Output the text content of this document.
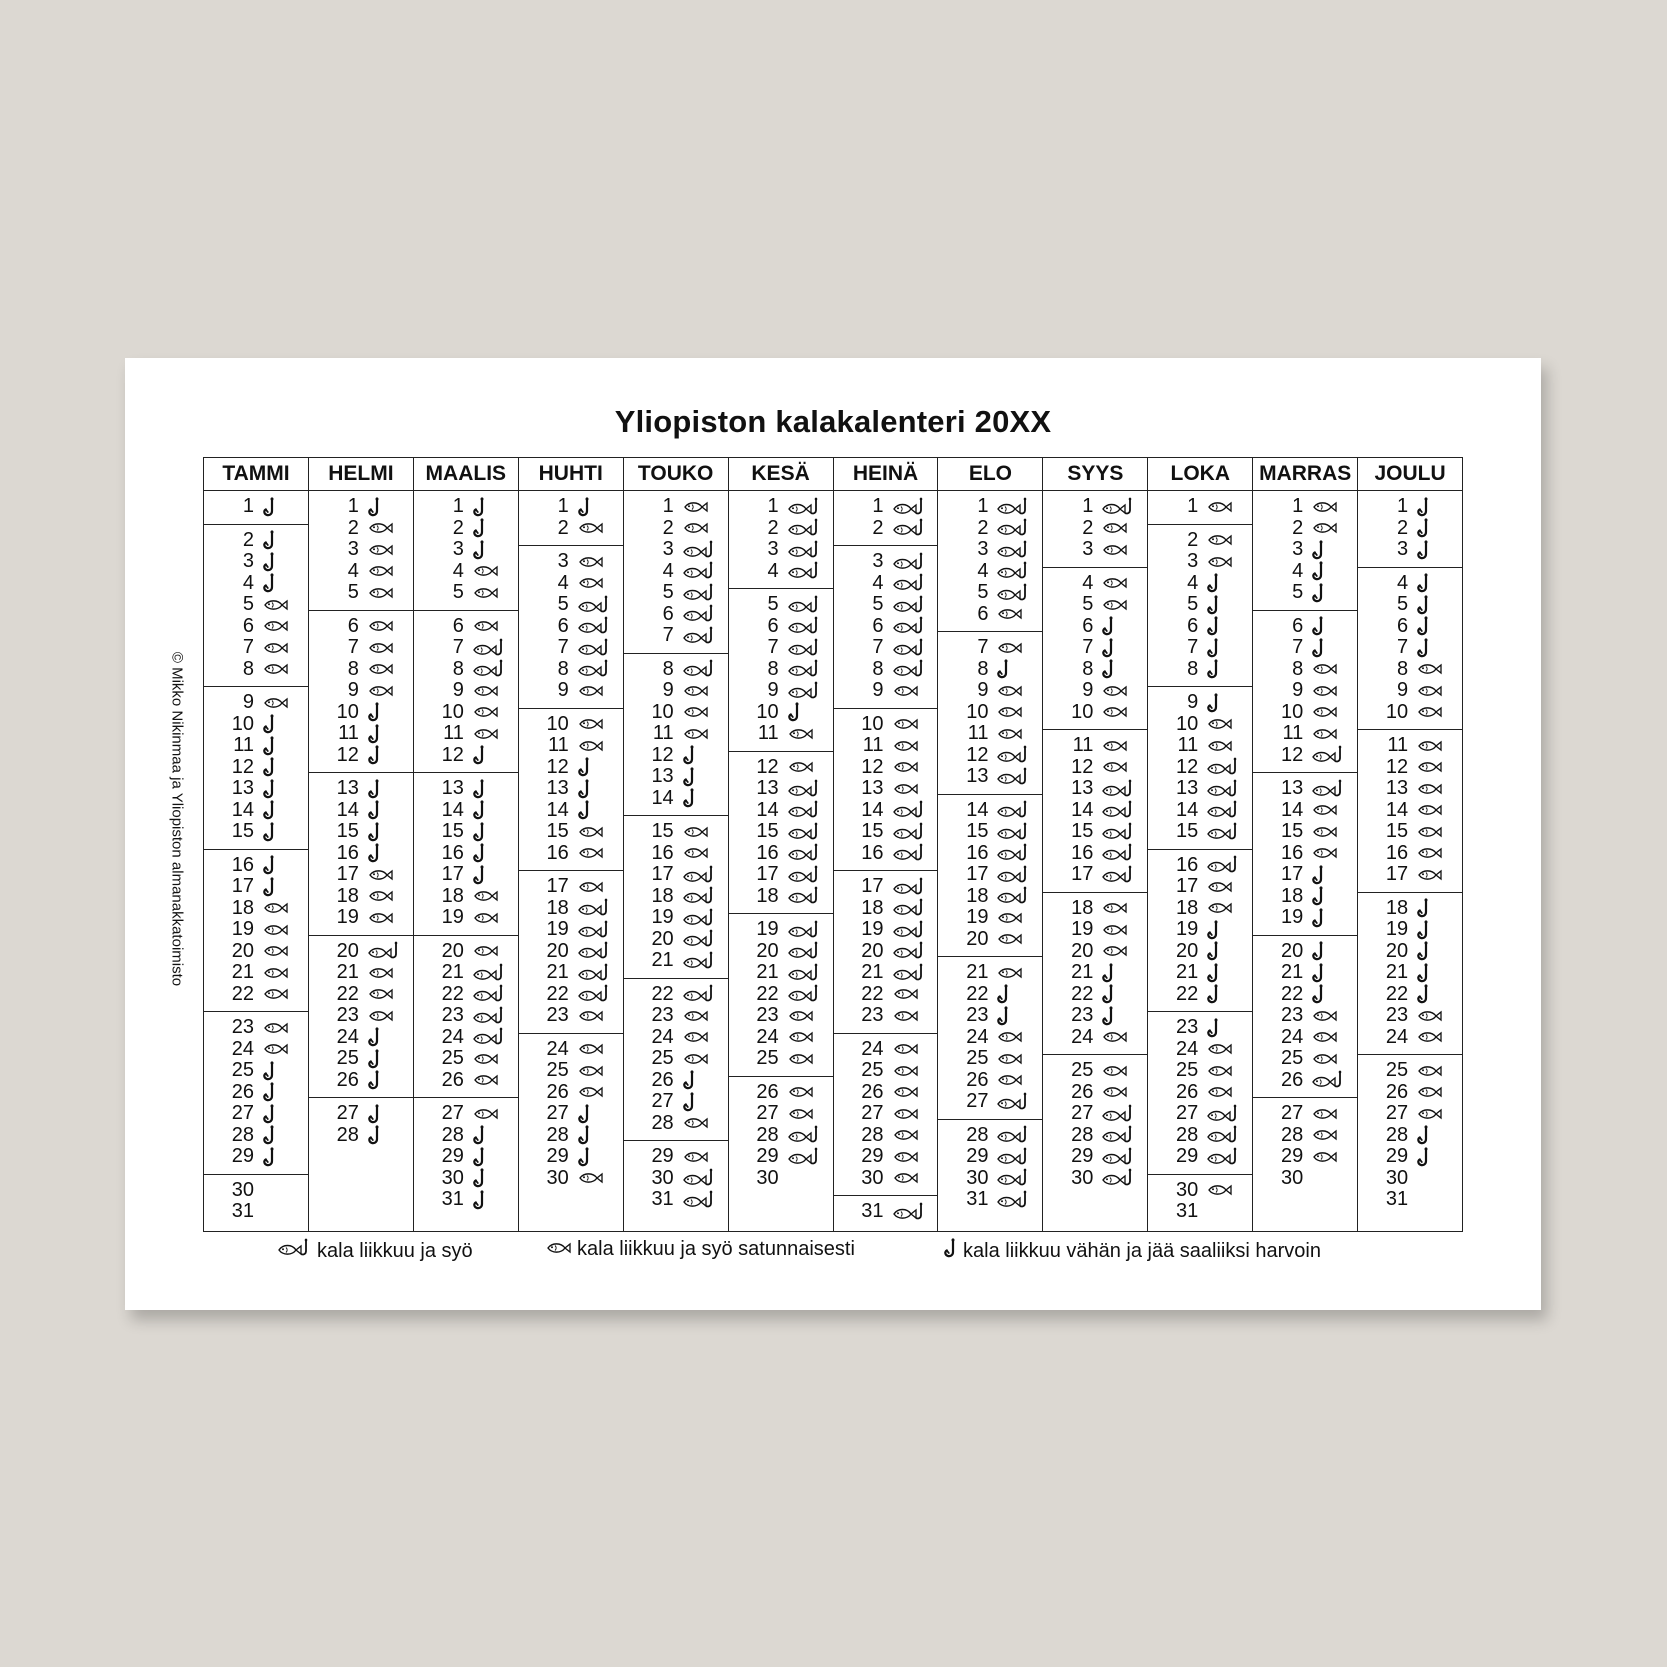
Yliopiston kalakalenteri 20XX
TAMMI
1
2
3
4
5
6
7
8
9
10
11
12
13
14
15
16
17
18
19
20
21
22
23
24
25
26
27
28
29
30
31
HELMI
1
2
3
4
5
6
7
8
9
10
11
12
13
14
15
16
17
18
19
20
21
22
23
24
25
26
27
28
MAALIS
1
2
3
4
5
6
7
8
9
10
11
12
13
14
15
16
17
18
19
20
21
22
23
24
25
26
27
28
29
30
31
HUHTI
1
2
3
4
5
6
7
8
9
10
11
12
13
14
15
16
17
18
19
20
21
22
23
24
25
26
27
28
29
30
TOUKO
1
2
3
4
5
6
7
8
9
10
11
12
13
14
15
16
17
18
19
20
21
22
23
24
25
26
27
28
29
30
31
KESÄ
1
2
3
4
5
6
7
8
9
10
11
12
13
14
15
16
17
18
19
20
21
22
23
24
25
26
27
28
29
30
HEINÄ
1
2
3
4
5
6
7
8
9
10
11
12
13
14
15
16
17
18
19
20
21
22
23
24
25
26
27
28
29
30
31
ELO
1
2
3
4
5
6
7
8
9
10
11
12
13
14
15
16
17
18
19
20
21
22
23
24
25
26
27
28
29
30
31
SYYS
1
2
3
4
5
6
7
8
9
10
11
12
13
14
15
16
17
18
19
20
21
22
23
24
25
26
27
28
29
30
LOKA
1
2
3
4
5
6
7
8
9
10
11
12
13
14
15
16
17
18
19
20
21
22
23
24
25
26
27
28
29
30
31
MARRAS
1
2
3
4
5
6
7
8
9
10
11
12
13
14
15
16
17
18
19
20
21
22
23
24
25
26
27
28
29
30
JOULU
1
2
3
4
5
6
7
8
9
10
11
12
13
14
15
16
17
18
19
20
21
22
23
24
25
26
27
28
29
30
31
© Mikko Nikinmaa ja Yliopiston almanakkatoimisto
kala liikkuu ja syö	kala liikkuu ja syö satunnaisesti	kala liikkuu vähän ja jää saaliiksi harvoin
